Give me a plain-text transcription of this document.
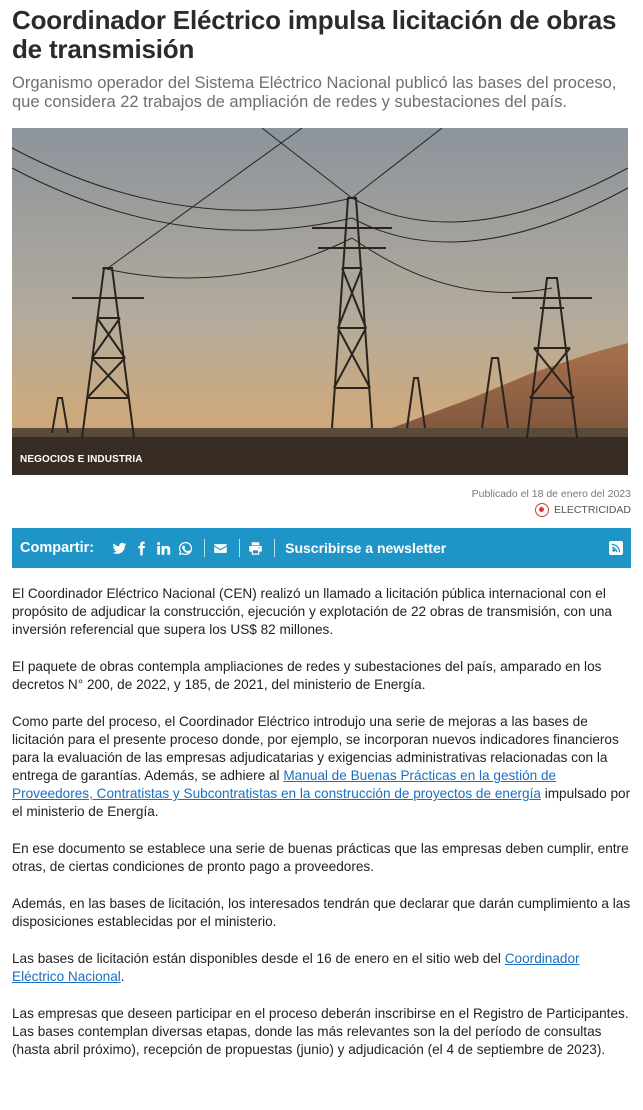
Coordinador Eléctrico impulsa licitación de obras de transmisión

Organismo operador del Sistema Eléctrico Nacional publicó las bases del proceso, que considera 22 trabajos de ampliación de redes y subestaciones del país.

NEGOCIOS E INDUSTRIA
Publicado el 18 de enero del 2023
ELECTRICIDAD
Compartir:	Suscribirse a newsletter

El Coordinador Eléctrico Nacional (CEN) realizó un llamado a licitación pública internacional con el propósito de adjudicar la construcción, ejecución y explotación de 22 obras de transmisión, con una inversión referencial que supera los US$ 82 millones.

El paquete de obras contempla ampliaciones de redes y subestaciones del país, amparado en los decretos N° 200, de 2022, y 185, de 2021, del ministerio de Energía.

Como parte del proceso, el Coordinador Eléctrico introdujo una serie de mejoras a las bases de licitación para el presente proceso donde, por ejemplo, se incorporan nuevos indicadores financieros para la evaluación de las empresas adjudicatarias y exigencias administrativas relacionadas con la entrega de garantías. Además, se adhiere al Manual de Buenas Prácticas en la gestión de Proveedores, Contratistas y Subcontratistas en la construcción de proyectos de energía impulsado por el ministerio de Energía.

En ese documento se establece una serie de buenas prácticas que las empresas deben cumplir, entre otras, de ciertas condiciones de pronto pago a proveedores.

Además, en las bases de licitación, los interesados tendrán que declarar que darán cumplimiento a las disposiciones establecidas por el ministerio.

Las bases de licitación están disponibles desde el 16 de enero en el sitio web del Coordinador Eléctrico Nacional.

Las empresas que deseen participar en el proceso deberán inscribirse en el Registro de Participantes. Las bases contemplan diversas etapas, donde las más relevantes son la del período de consultas (hasta abril próximo), recepción de propuestas (junio) y adjudicación (el 4 de septiembre de 2023).
